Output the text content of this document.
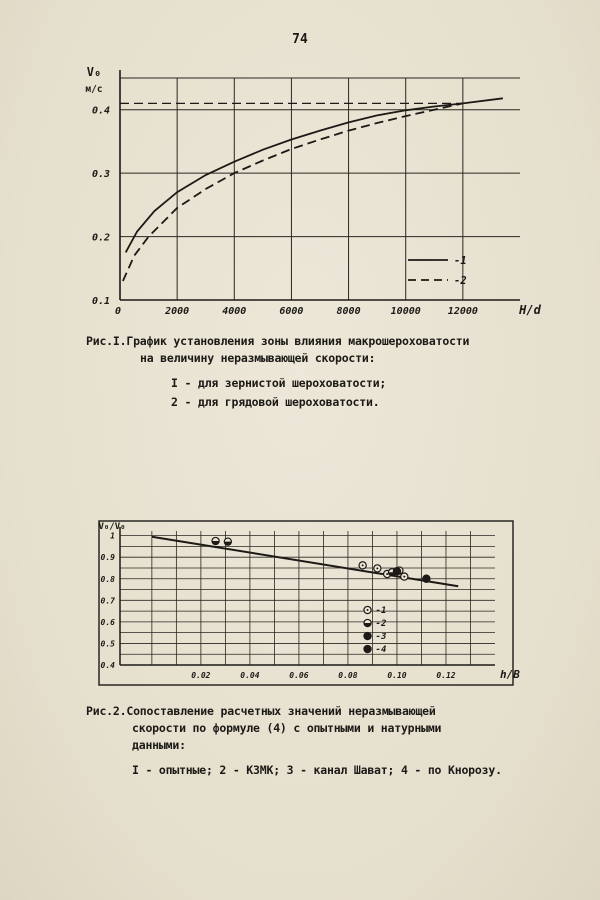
74
0	2000	4000	6000	8000	10000	12000
0.1
0.2
0.3
0.4
H/d
V₀
м/с
-1
-2
Рис.I.График установления зоны влияния макрошероховатости
на величину неразмывающей скорости:
I - для зернистой шероховатости;
2 - для грядовой шероховатости.
0.02	0.04	0.06	0.08	0.10	0.12
0.4
0.5
0.6
0.7
0.8
0.9
1
h/B
V₀/V₀
-1
-2
-3
-4
Рис.2.Сопоставление расчетных значений неразмывающей
скорости по формуле (4) с опытными и натурными
данными:
I - опытные; 2 - КЗМК; 3 - канал Шават; 4 - по Кнорозу.
